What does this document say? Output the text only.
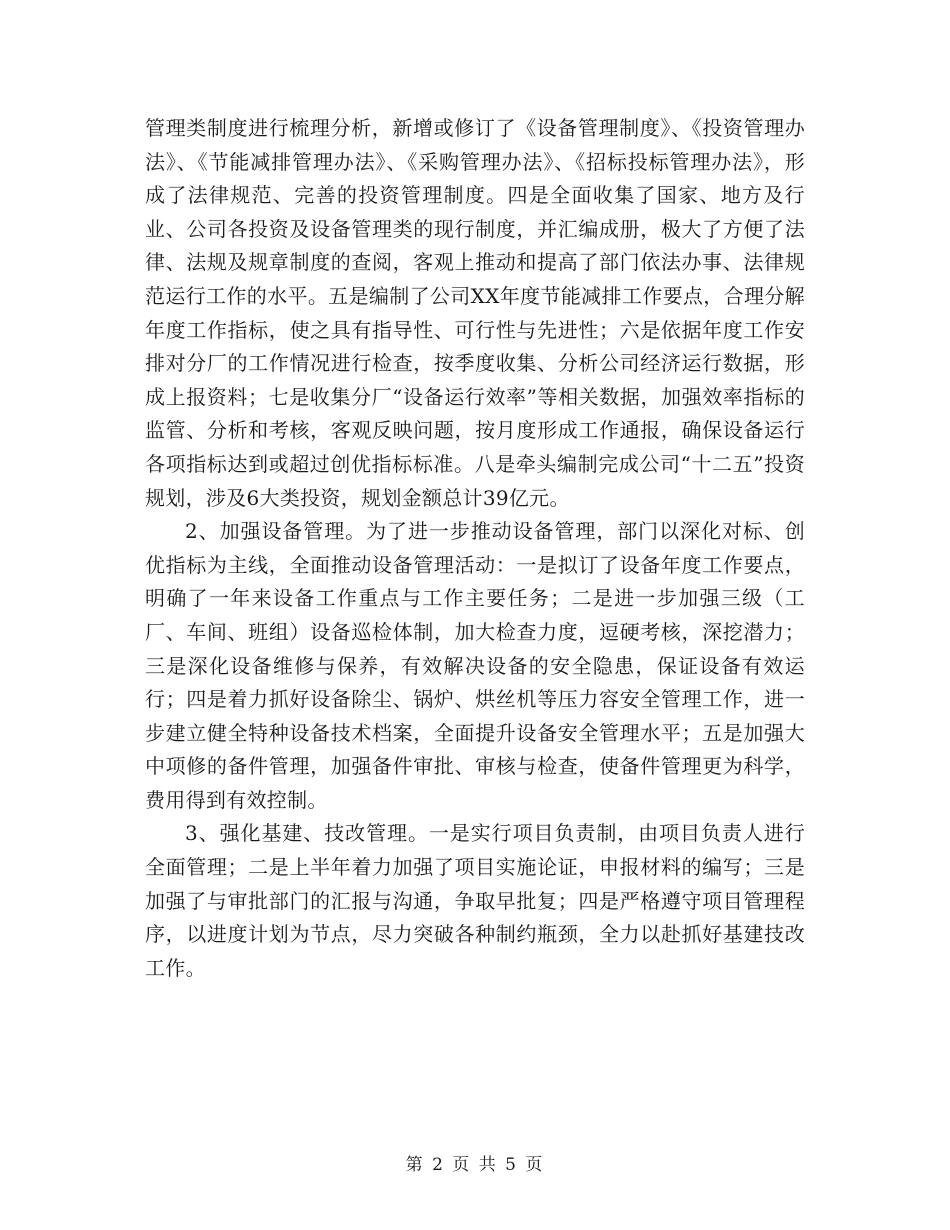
管理类制度进行梳理分析，新增或修订了《设备管理制度》、《投资管理办法》、《节能减排管理办法》、《采购管理办法》、《招标投标管理办法》，形成了法律规范、完善的投资管理制度。四是全面收集了国家、地方及行业、公司各投资及设备管理类的现行制度，并汇编成册，极大了方便了法律、法规及规章制度的查阅，客观上推动和提高了部门依法办事、法律规范运行工作的水平。五是编制了公司XX年度节能减排工作要点，合理分解年度工作指标，使之具有指导性、可行性与先进性；六是依据年度工作安排对分厂的工作情况进行检查，按季度收集、分析公司经济运行数据，形成上报资料；七是收集分厂“设备运行效率”等相关数据，加强效率指标的监管、分析和考核，客观反映问题，按月度形成工作通报，确保设备运行各项指标达到或超过创优指标标准。八是牵头编制完成公司“十二五”投资规划，涉及6大类投资，规划金额总计39亿元。

2、加强设备管理。为了进一步推动设备管理，部门以深化对标、创优指标为主线，全面推动设备管理活动：一是拟订了设备年度工作要点，明确了一年来设备工作重点与工作主要任务；二是进一步加强三级（工厂、车间、班组）设备巡检体制，加大检查力度，逗硬考核，深挖潜力；三是深化设备维修与保养，有效解决设备的安全隐患，保证设备有效运行；四是着力抓好设备除尘、锅炉、烘丝机等压力容安全管理工作，进一步建立健全特种设备技术档案，全面提升设备安全管理水平；五是加强大中项修的备件管理，加强备件审批、审核与检查，使备件管理更为科学，费用得到有效控制。

3、强化基建、技改管理。一是实行项目负责制，由项目负责人进行全面管理；二是上半年着力加强了项目实施论证，申报材料的编写；三是加强了与审批部门的汇报与沟通，争取早批复；四是严格遵守项目管理程序，以进度计划为节点，尽力突破各种制约瓶颈，全力以赴抓好基建技改工作。

第 2 页 共 5 页
